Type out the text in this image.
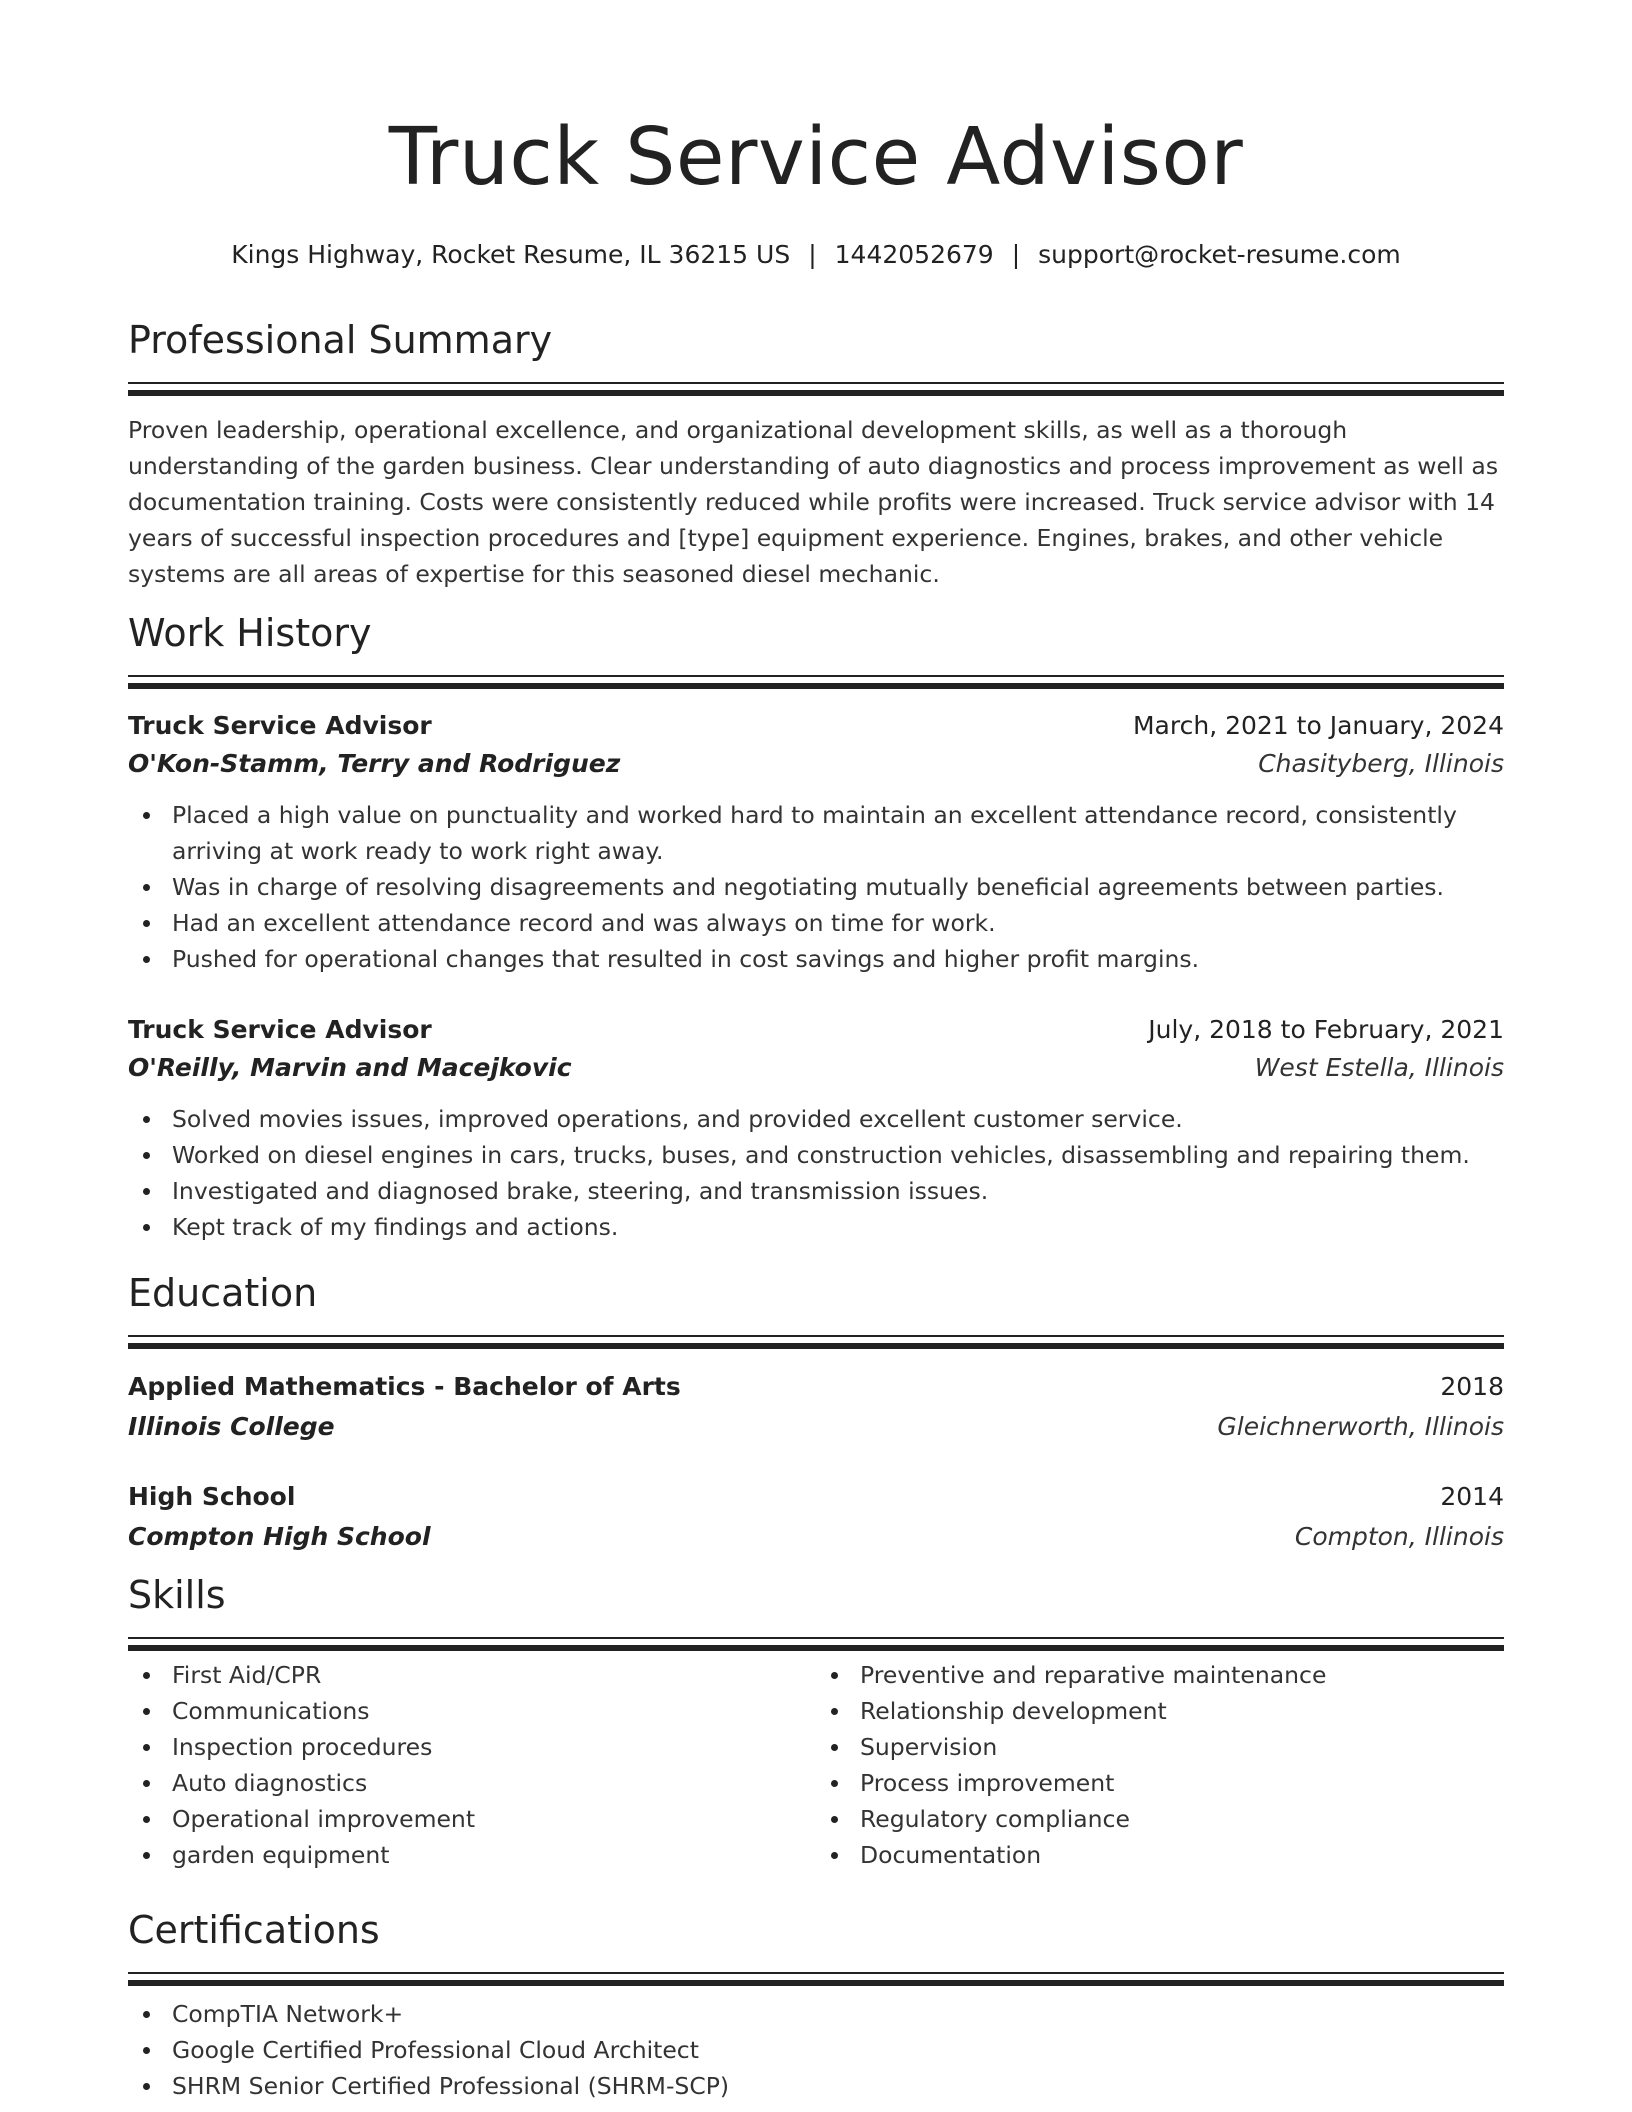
Truck Service Advisor
Kings Highway, Rocket Resume, IL 36215 US | 1442052679 | support@rocket-resume.com
Professional Summary

Proven leadership, operational excellence, and organizational development skills, as well as a thorough understanding of the garden business. Clear understanding of auto diagnostics and process improvement as well as documentation training. Costs were consistently reduced while profits were increased. Truck service advisor with 14 years of successful inspection procedures and [type] equipment experience. Engines, brakes, and other vehicle systems are all areas of expertise for this seasoned diesel mechanic.

Work History
Truck Service Advisor	March, 2021 to January, 2024
O'Kon-Stamm, Terry and Rodriguez	Chasityberg, Illinois
Placed a high value on punctuality and worked hard to maintain an excellent attendance record, consistently arriving at work ready to work right away.
Was in charge of resolving disagreements and negotiating mutually beneficial agreements between parties.
Had an excellent attendance record and was always on time for work.
Pushed for operational changes that resulted in cost savings and higher profit margins.
Truck Service Advisor	July, 2018 to February, 2021
O'Reilly, Marvin and Macejkovic	West Estella, Illinois
Solved movies issues, improved operations, and provided excellent customer service.
Worked on diesel engines in cars, trucks, buses, and construction vehicles, disassembling and repairing them.
Investigated and diagnosed brake, steering, and transmission issues.
Kept track of my findings and actions.
Education
Applied Mathematics - Bachelor of Arts	2018
Illinois College	Gleichnerworth, Illinois
High School	2014
Compton High School	Compton, Illinois
Skills
First Aid/CPR
Communications
Inspection procedures
Auto diagnostics
Operational improvement
garden equipment
Preventive and reparative maintenance
Relationship development
Supervision
Process improvement
Regulatory compliance
Documentation
Certifications
CompTIA Network+
Google Certified Professional Cloud Architect
SHRM Senior Certified Professional (SHRM-SCP)
